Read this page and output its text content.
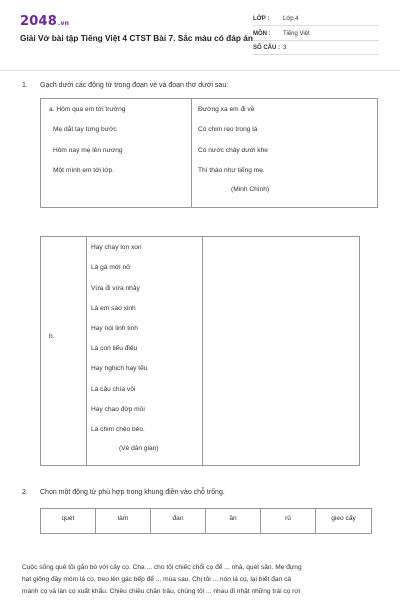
2048.vn
Giải Vở bài tập Tiếng Việt 4 CTST Bài 7. Sắc màu có đáp án
LỚP : Lớp 4
MÔN : Tiếng Việt
SỐ CÂU : 3
1. Gạch dưới các động từ trong đoạn vè và đoạn thơ dưới sau:
a. Hôm qua em tới trường
Mẹ dắt tay từng bước
Hôm nay mẹ lên nương
Một mình em tới lớp.
Đường xa em đi về
Có chim reo trong lá
Có nước chảy dưới khe
Thì thào như tiếng mẹ.
(Minh Chính)
b.
Hay chạy lon xon
Là gà mới nở
Vừa đi vừa nhảy
Là em sáo xinh
Hay nói linh tinh
Là con liếu điếu
Hay nghịch hay tếu
Là cậu chìa vôi
Hay chao đớp mồi
Là chim chèo bẻo.
(Vè dân gian)
2. Chọn một động từ phù hợp trong khung điền vào chỗ trống.
quét	làm	đan	ăn	rủ	gieo cấy
Cuộc sống quê tôi gắn bó với cây cọ. Cha ... cho tôi chiếc chổi cọ để ... nhà, quét sân. Mẹ đựng
hạt giống đầy móm lá cọ, treo lên gác bếp để ... mùa sau. Chị tôi ... nón lá cọ, lại biết đan cả
mành cọ và làn cọ xuất khẩu. Chiều chiều chăn trâu, chúng tôi ... nhau đi nhặt những trái cọ rơi
